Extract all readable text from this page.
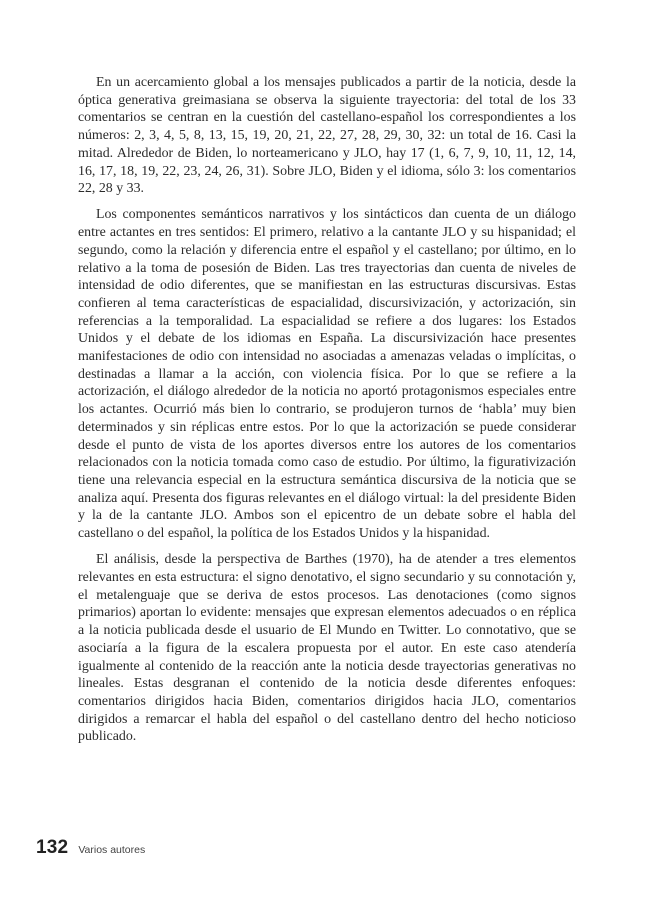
En un acercamiento global a los mensajes publicados a partir de la noticia, desde la óptica generativa greimasiana se observa la siguiente trayectoria: del total de los 33 comentarios se centran en la cuestión del castellano-español los correspondientes a los números: 2, 3, 4, 5, 8, 13, 15, 19, 20, 21, 22, 27, 28, 29, 30, 32: un total de 16. Casi la mitad. Alrededor de Biden, lo norteamericano y JLO, hay 17 (1, 6, 7, 9, 10, 11, 12, 14, 16, 17, 18, 19, 22, 23, 24, 26, 31). Sobre JLO, Biden y el idioma, sólo 3: los comentarios 22, 28 y 33.

Los componentes semánticos narrativos y los sintácticos dan cuenta de un diálogo entre actantes en tres sentidos: El primero, relativo a la cantante JLO y su hispanidad; el segundo, como la relación y diferencia entre el español y el castellano; por último, en lo relativo a la toma de posesión de Biden. Las tres trayectorias dan cuenta de niveles de intensidad de odio diferentes, que se manifiestan en las estructuras discursivas. Estas confieren al tema características de espacialidad, discursivización, y actorización, sin referencias a la temporalidad. La espacialidad se refiere a dos lugares: los Estados Unidos y el debate de los idiomas en España. La discursivización hace presentes manifestaciones de odio con intensidad no asociadas a amenazas veladas o implícitas, o destinadas a llamar a la acción, con violencia física. Por lo que se refiere a la actorización, el diálogo alrededor de la noticia no aportó protagonismos especiales entre los actantes. Ocurrió más bien lo contrario, se produjeron turnos de ‘habla’ muy bien determinados y sin réplicas entre estos. Por lo que la actorización se puede considerar desde el punto de vista de los aportes diversos entre los autores de los comentarios relacionados con la noticia tomada como caso de estudio. Por último, la figurativización tiene una relevancia especial en la estructura semántica discursiva de la noticia que se analiza aquí. Presenta dos figuras relevantes en el diálogo virtual: la del presidente Biden y la de la cantante JLO. Ambos son el epicentro de un debate sobre el habla del castellano o del español, la política de los Estados Unidos y la hispanidad.

El análisis, desde la perspectiva de Barthes (1970), ha de atender a tres elementos relevantes en esta estructura: el signo denotativo, el signo secundario y su connotación y, el metalenguaje que se deriva de estos procesos. Las denotaciones (como signos primarios) aportan lo evidente: mensajes que expresan elementos adecuados o en réplica a la noticia publicada desde el usuario de El Mundo en Twitter. Lo connotativo, que se asociaría a la figura de la escalera propuesta por el autor. En este caso atendería igualmente al contenido de la reacción ante la noticia desde trayectorias generativas no lineales. Estas desgranan el contenido de la noticia desde diferentes enfoques: comentarios dirigidos hacia Biden, comentarios dirigidos hacia JLO, comentarios dirigidos a remarcar el habla del español o del castellano dentro del hecho noticioso publicado.

132 Varios autores
